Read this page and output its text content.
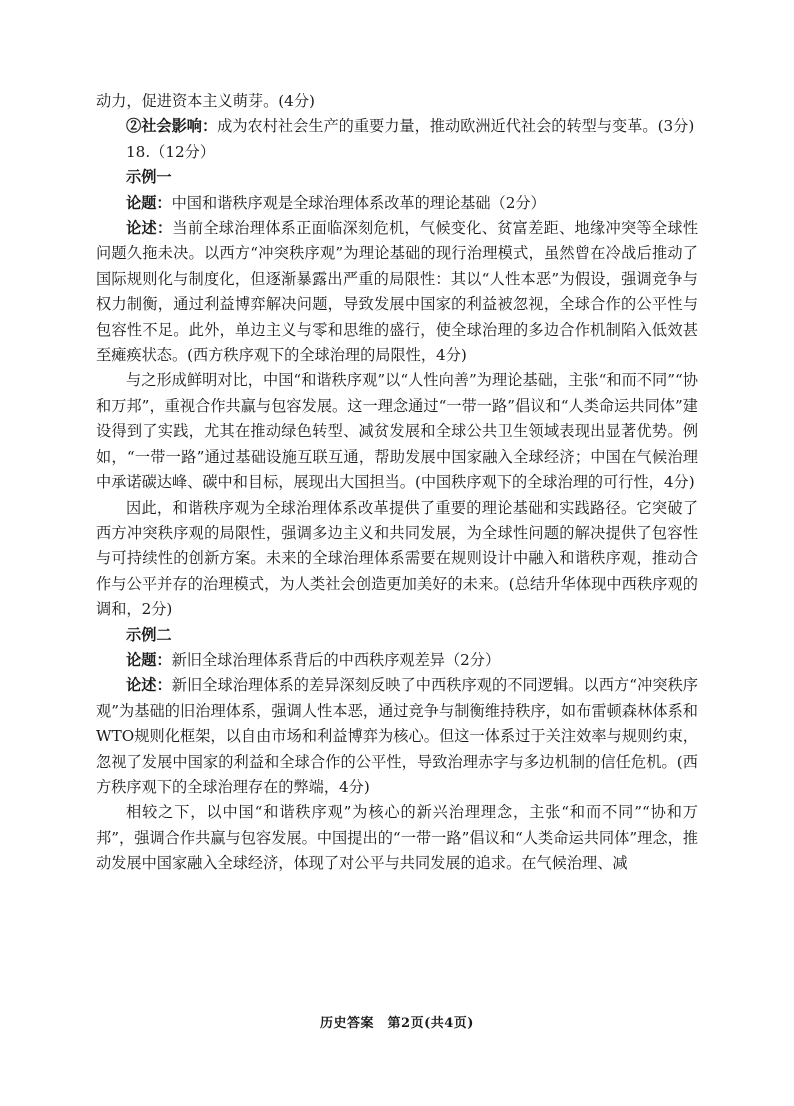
动力，促进资本主义萌芽。(4分)

②社会影响：成为农村社会生产的重要力量，推动欧洲近代社会的转型与变革。(3分)

18.（12分）

示例一

论题：中国和谐秩序观是全球治理体系改革的理论基础（2分）

论述：当前全球治理体系正面临深刻危机，气候变化、贫富差距、地缘冲突等全球性问题久拖未决。以西方“冲突秩序观”为理论基础的现行治理模式，虽然曾在冷战后推动了国际规则化与制度化，但逐渐暴露出严重的局限性：其以“人性本恶”为假设，强调竞争与权力制衡，通过利益博弈解决问题，导致发展中国家的利益被忽视，全球合作的公平性与包容性不足。此外，单边主义与零和思维的盛行，使全球治理的多边合作机制陷入低效甚至瘫痪状态。(西方秩序观下的全球治理的局限性，4分)

与之形成鲜明对比，中国“和谐秩序观”以“人性向善”为理论基础，主张“和而不同”“协和万邦”，重视合作共赢与包容发展。这一理念通过“一带一路”倡议和“人类命运共同体”建设得到了实践，尤其在推动绿色转型、减贫发展和全球公共卫生领域表现出显著优势。例如，“一带一路”通过基础设施互联互通，帮助发展中国家融入全球经济；中国在气候治理中承诺碳达峰、碳中和目标，展现出大国担当。(中国秩序观下的全球治理的可行性，4分)

因此，和谐秩序观为全球治理体系改革提供了重要的理论基础和实践路径。它突破了西方冲突秩序观的局限性，强调多边主义和共同发展，为全球性问题的解决提供了包容性与可持续性的创新方案。未来的全球治理体系需要在规则设计中融入和谐秩序观，推动合作与公平并存的治理模式，为人类社会创造更加美好的未来。(总结升华体现中西秩序观的调和，2分)

示例二

论题：新旧全球治理体系背后的中西秩序观差异（2分）

论述：新旧全球治理体系的差异深刻反映了中西秩序观的不同逻辑。以西方“冲突秩序观”为基础的旧治理体系，强调人性本恶，通过竞争与制衡维持秩序，如布雷顿森林体系和WTO规则化框架，以自由市场和利益博弈为核心。但这一体系过于关注效率与规则约束，忽视了发展中国家的利益和全球合作的公平性，导致治理赤字与多边机制的信任危机。(西方秩序观下的全球治理存在的弊端，4分)

相较之下，以中国“和谐秩序观”为核心的新兴治理理念，主张“和而不同”“协和万邦”，强调合作共赢与包容发展。中国提出的“一带一路”倡议和“人类命运共同体”理念，推动发展中国家融入全球经济，体现了对公平与共同发展的追求。在气候治理、减

历史答案　第2页(共4页)
